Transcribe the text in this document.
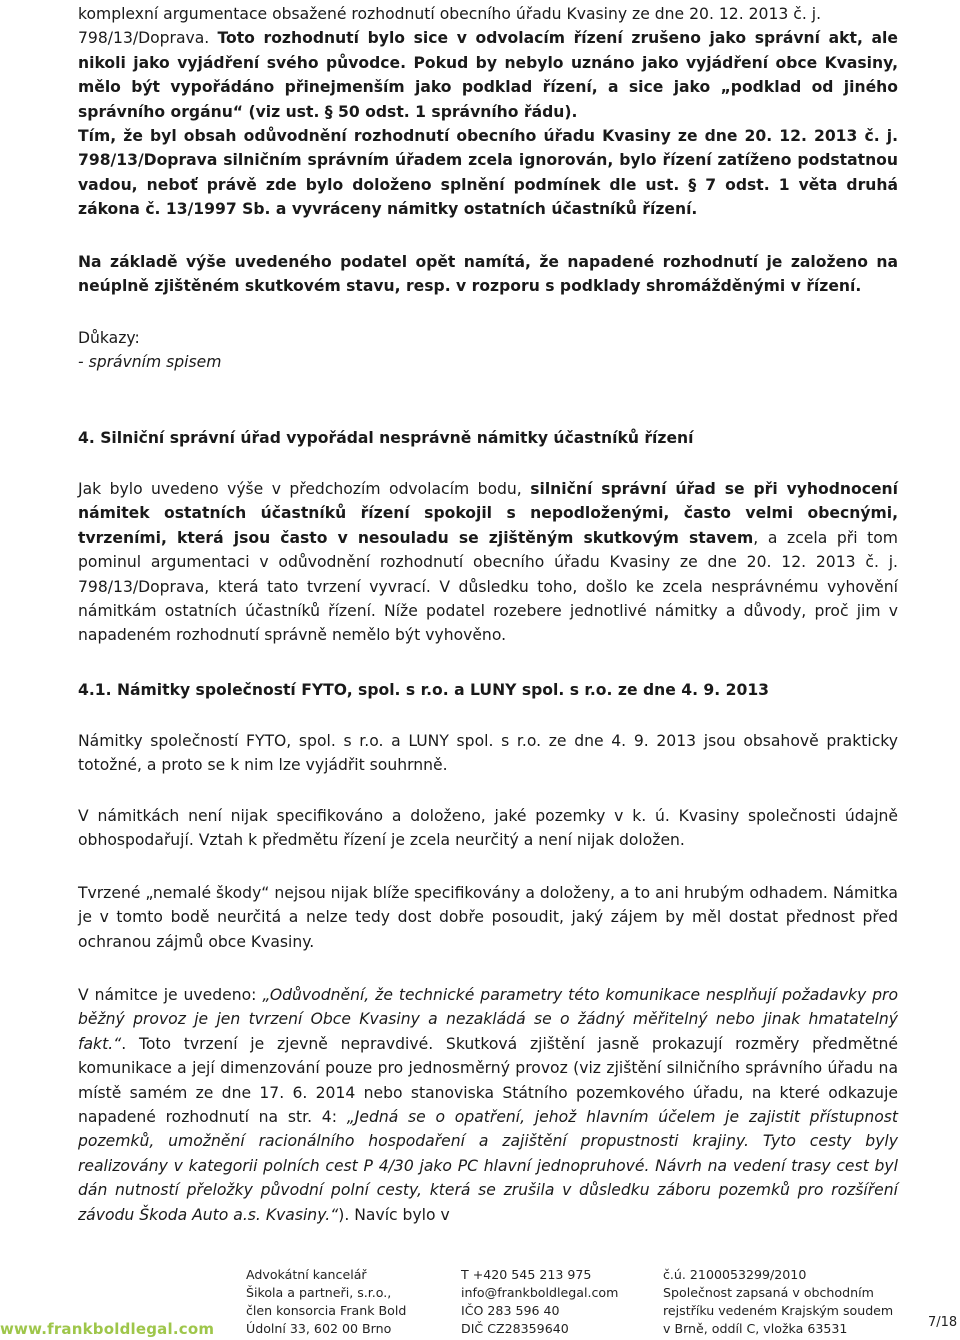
komplexní argumentace obsažené rozhodnutí obecního úřadu Kvasiny ze dne 20. 12. 2013 č. j.

798/13/Doprava. Toto rozhodnutí bylo sice v odvolacím řízení zrušeno jako správní akt, ale nikoli jako vyjádření svého původce. Pokud by nebylo uznáno jako vyjádření obce Kvasiny, mělo být vypořádáno přinejmenším jako podklad řízení, a sice jako „podklad od jiného správního orgánu“ (viz ust. § 50 odst. 1 správního řádu).

Tím, že byl obsah odůvodnění rozhodnutí obecního úřadu Kvasiny ze dne 20. 12. 2013 č. j. 798/13/Doprava silničním správním úřadem zcela ignorován, bylo řízení zatíženo podstatnou vadou, neboť právě zde bylo doloženo splnění podmínek dle ust. § 7 odst. 1 věta druhá zákona č. 13/1997 Sb. a vyvráceny námitky ostatních účastníků řízení.

Na základě výše uvedeného podatel opět namítá, že napadené rozhodnutí je založeno na neúplně zjištěném skutkovém stavu, resp. v rozporu s podklady shromážděnými v řízení.

Důkazy:

- správním spisem

4. Silniční správní úřad vypořádal nesprávně námitky účastníků řízení

Jak bylo uvedeno výše v předchozím odvolacím bodu, silniční správní úřad se při vyhodnocení námitek ostatních účastníků řízení spokojil s nepodloženými, často velmi obecnými, tvrzeními, která jsou často v nesouladu se zjištěným skutkovým stavem, a zcela při tom pominul argumentaci v odůvodnění rozhodnutí obecního úřadu Kvasiny ze dne 20. 12. 2013 č. j. 798/13/Doprava, která tato tvrzení vyvrací. V důsledku toho, došlo ke zcela nesprávnému vyhovění námitkám ostatních účastníků řízení. Níže podatel rozebere jednotlivé námitky a důvody, proč jim v napadeném rozhodnutí správně nemělo být vyhověno.

4.1. Námitky společností FYTO, spol. s r.o. a LUNY spol. s r.o. ze dne 4. 9. 2013

Námitky společností FYTO, spol. s r.o. a LUNY spol. s r.o. ze dne 4. 9. 2013 jsou obsahově prakticky totožné, a proto se k nim lze vyjádřit souhrnně.

V námitkách není nijak specifikováno a doloženo, jaké pozemky v k. ú. Kvasiny společnosti údajně obhospodařují. Vztah k předmětu řízení je zcela neurčitý a není nijak doložen.

Tvrzené „nemalé škody“ nejsou nijak blíže specifikovány a doloženy, a to ani hrubým odhadem. Námitka je v tomto bodě neurčitá a nelze tedy dost dobře posoudit, jaký zájem by měl dostat přednost před ochranou zájmů obce Kvasiny.

V námitce je uvedeno: „Odůvodnění, že technické parametry této komunikace nesplňují požadavky pro běžný provoz je jen tvrzení Obce Kvasiny a nezakládá se o žádný měřitelný nebo jinak hmatatelný fakt.“. Toto tvrzení je zjevně nepravdivé. Skutková zjištění jasně prokazují rozměry předmětné komunikace a její dimenzování pouze pro jednosměrný provoz (viz zjištění silničního správního úřadu na místě samém ze dne 17. 6. 2014 nebo stanoviska Státního pozemkového úřadu, na které odkazuje napadené rozhodnutí na str. 4: „Jedná se o opatření, jehož hlavním účelem je zajistit přístupnost pozemků, umožnění racionálního hospodaření a zajištění propustnosti krajiny. Tyto cesty byly realizovány v kategorii polních cest P 4/30 jako PC hlavní jednopruhové. Návrh na vedení trasy cest byl dán nutností přeložky původní polní cesty, která se zrušila v důsledku záboru pozemků pro rozšíření závodu Škoda Auto a.s. Kvasiny.“). Navíc bylo v

www.frankboldlegal.com
Advokátní kancelář
Šikola a partneři, s.r.o.,
člen konsorcia Frank Bold
Údolní 33, 602 00 Brno
T +420 545 213 975
info@frankboldlegal.com
IČO 283 596 40
DIČ CZ28359640
č.ú. 2100053299/2010
Společnost zapsaná v obchodním
rejstříku vedeném Krajským soudem
v Brně, oddíl C, vložka 63531	7/18
